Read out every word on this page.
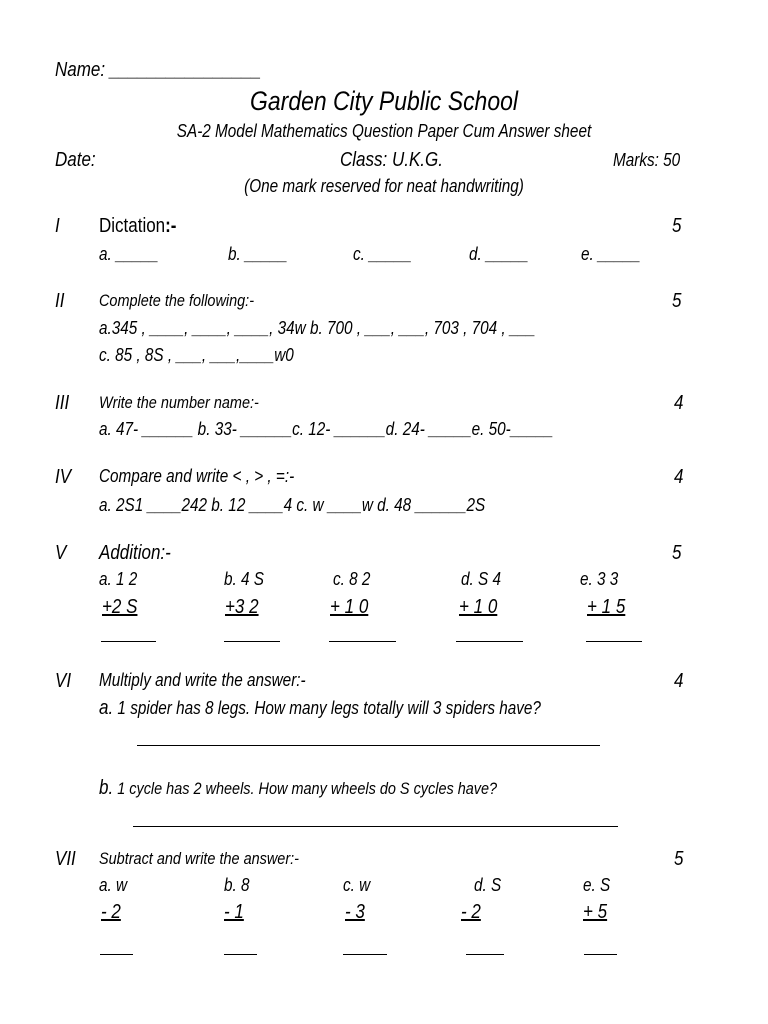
Name: ________________
Garden City Public School
SA-2 Model Mathematics Question Paper Cum Answer sheet
Date:	Class: U.K.G.	Marks: 50
(One mark reserved for neat handwriting)
I Dictation:-	5
a. _____	b. _____	c. _____	d. _____	e. _____
II Complete the following:-	5
a.345 , ____, ____, ____, 34w b. 700 , ___, ___, 703 , 704 , ___
c. 85 , 8S , ___, ___,____w0
III Write the number name:-	4
a. 47- ______ b. 33- ______c. 12- ______d. 24- _____e. 50-_____
IV Compare and write < , > , =:-	4
a. 2S1 ____242 b. 12 ____4 c. w ____w d. 48 ______2S
V Addition:-	5
a. 1 2	b. 4 S	c. 8 2	d. S 4	e. 3 3
+2 S	+3 2	+ 1 0	+ 1 0	+ 1 5
VI Multiply and write the answer:-	4
a. 1 spider has 8 legs. How many legs totally will 3 spiders have?
b. 1 cycle has 2 wheels. How many wheels do S cycles have?
VII Subtract and write the answer:-	5
a. w	b. 8	c. w	d. S	e. S
- 2	- 1	- 3	- 2	+ 5
